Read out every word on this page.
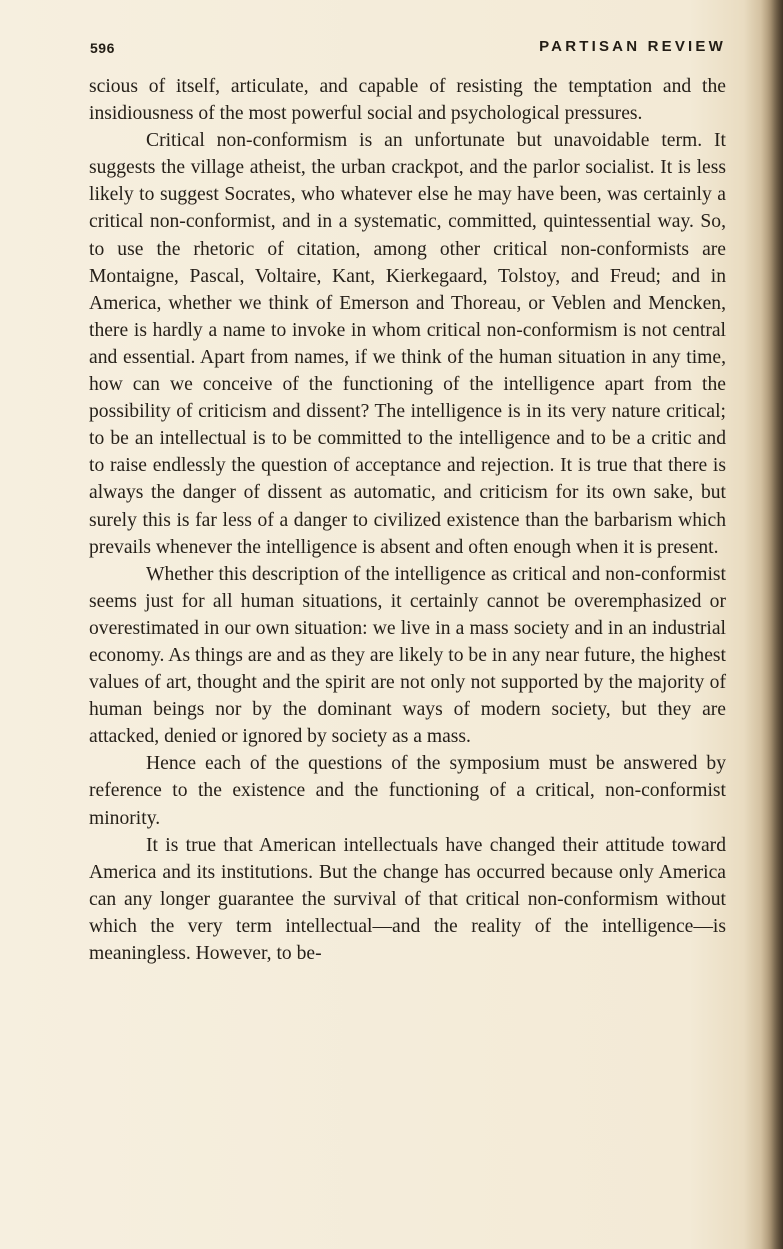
596	PARTISAN REVIEW

scious of itself, articulate, and capable of resisting the temptation and the insidiousness of the most powerful social and psychological pressures.

Critical non-conformism is an unfortunate but unavoidable term. It suggests the village atheist, the urban crackpot, and the parlor socialist. It is less likely to suggest Socrates, who whatever else he may have been, was certainly a critical non-conformist, and in a systematic, committed, quintessential way. So, to use the rhetoric of citation, among other critical non-conformists are Montaigne, Pascal, Voltaire, Kant, Kierkegaard, Tolstoy, and Freud; and in America, whether we think of Emerson and Thoreau, or Veblen and Mencken, there is hardly a name to invoke in whom critical non-conformism is not central and essential. Apart from names, if we think of the human situation in any time, how can we conceive of the functioning of the intelligence apart from the possibility of criticism and dissent? The intelligence is in its very nature critical; to be an intellectual is to be committed to the intelligence and to be a critic and to raise endlessly the question of acceptance and rejection. It is true that there is always the danger of dissent as automatic, and criticism for its own sake, but surely this is far less of a danger to civilized existence than the barbarism which prevails whenever the intelligence is absent and often enough when it is present.

Whether this description of the intelligence as critical and non-conformist seems just for all human situations, it certainly cannot be overemphasized or overestimated in our own situation: we live in a mass society and in an industrial economy. As things are and as they are likely to be in any near future, the highest values of art, thought and the spirit are not only not supported by the majority of human beings nor by the dominant ways of modern society, but they are attacked, denied or ignored by society as a mass.

Hence each of the questions of the symposium must be answered by reference to the existence and the functioning of a critical, non-conformist minority.

It is true that American intellectuals have changed their attitude toward America and its institutions. But the change has occurred because only America can any longer guarantee the survival of that critical non-conformism without which the very term intellectual—and the reality of the intelligence—is meaningless. However, to be-
